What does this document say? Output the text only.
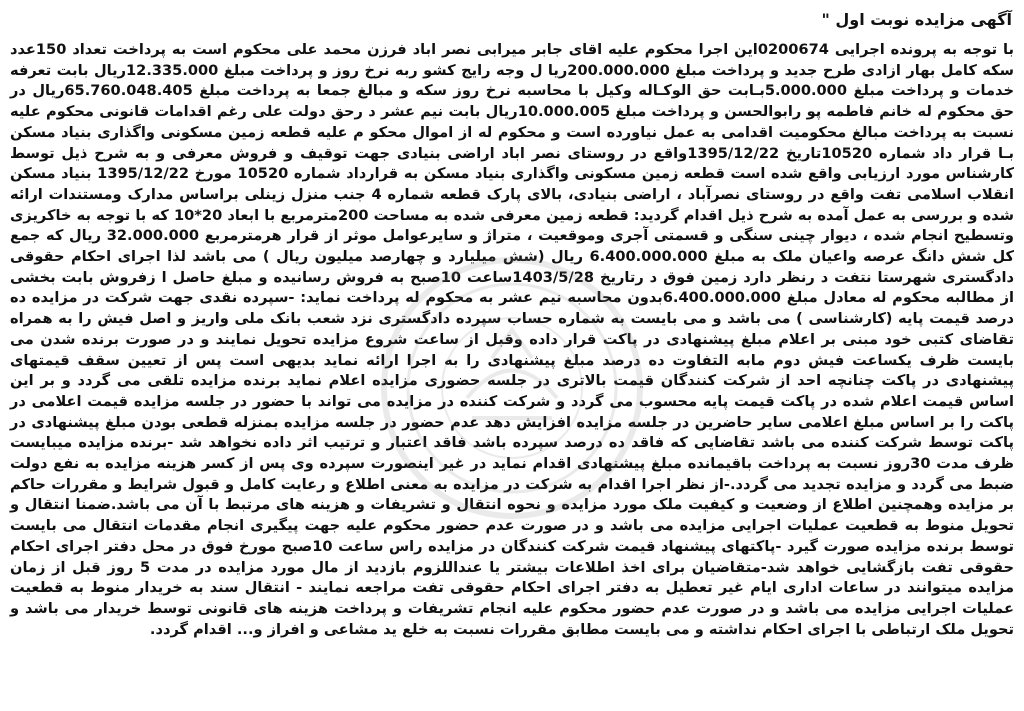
آگهی مزایده نوبت اول "

با توجه به پرونده اجرایی 0200674این اجرا محکوم علیه اقای جابر میرابی نصر اباد فرزن محمد علی محکوم است به پرداخت تعداد 150عدد سکه کامل بهار ازادی طرح جدید و پرداخت مبلغ 200.000.000ریا ل وجه رایج کشو ربه نرخ روز و پرداخت مبلغ 12.335.000ریال بابت تعرفه خدمات و پرداخت مبلغ 5.000.000بـابت حق الوکـاله وکیل با محاسبه نرخ روز سکه و مبالغ جمعا به پرداخت مبلغ 65.760.048.405ریال در حق محکوم له خانم فاطمه پو رابوالحسن و پرداخت مبلغ 10.000.005ریال بابت نیم عشر د رحق دولت علی رغم اقدامات قانونی محکوم علیه نسبت به پرداخت مبالغ محکومیت اقدامی به عمل نیاورده است و محکوم له از اموال محکو م علیه قطعه زمین مسکونی واگذاری بنیاد مسکن بـا قرار داد شماره 10520تاریخ 1395/12/22واقع در روستای نصر اباد اراضی بنیادی جهت توقیف و فروش معرفی و به شرح ذیل توسط کارشناس مورد ارزیابی واقع شده است قطعه زمین مسکونی واگذاری بنیاد مسکن به قرارداد شماره 10520 مورخ 1395/12/22 بنیاد مسکن انقلاب اسلامی تفت واقع در روستای نصرآباد ، اراضی بنیادی، بالای پارک قطعه شماره 4 جنب منزل زینلی براساس مدارک ومستندات ارائه شده و بررسی به عمل آمده به شرح ذیل اقدام گردید: قطعه زمین معرفی شده به مساحت 200مترمربع با ابعاد 20*10 که با توجه به خاکریزی وتسطیح انجام شده ، دیوار چینی سنگی و قسمتی آجری وموقعیت ، متراژ و سایرعوامل موثر از قرار هرمترمربع 32.000.000 ریال که جمع کل شش دانگ عرصه واعیان ملک به مبلغ 6.400.000.000 ریال (شش میلیارد و چهارصد میلیون ریال ) می باشد لذا اجرای احکام حقوقی دادگستری شهرستا نتفت د رنظر دارد زمین فوق د رتاریخ 1403/5/28ساعت 10صبح به فروش رسانیده و مبلغ حاصل ا زفروش بابت بخشی از مطالبه محکوم له معادل مبلغ 6.400.000.000بدون محاسبه نیم عشر به محکوم له پرداخت نماید: -سپرده نقدی جهت شرکت در مزایده ده درصد قیمت پایه (کارشناسی ) می باشد و می بایست به شماره حساب سپرده دادگستری نزد شعب بانک ملی واریز و اصل فیش را به همراه تقاضای کتبی خود مبنی بر اعلام مبلغ پیشنهادی در پاکت قرار داده وقبل از ساعت شروع مزایده تحویل نمایند و در صورت برنده شدن می بایست ظرف یکساعت فیش دوم مابه التفاوت ده درصد مبلغ پیشنهادی را به اجرا ارائه نماید بدیهی است پس از تعیین سقف قیمتهای پیشنهادی در پاکت چنانچه احد از شرکت کنندگان قیمت بالاتری در جلسه حضوری مزایده اعلام نماید برنده مزایده تلقی می گردد و بر این اساس قیمت اعلام شده در پاکت قیمت پایه محسوب می گردد و شرکت کننده در مزایده می تواند با حضور در جلسه مزایده قیمت اعلامی در پاکت را بر اساس مبلغ اعلامی سایر حاضرین در جلسه مزایده افزایش دهد عدم حضور در جلسه مزایده بمنزله قطعی بودن مبلغ پیشنهادی در پاکت توسط شرکت کننده می باشد تقاضایی که فاقد ده درصد سپرده باشد فاقد اعتبار و ترتیب اثر داده نخواهد شد -برنده مزایده میبایست ظرف مدت 30روز نسبت به پرداخت باقیمانده مبلغ پیشنهادی اقدام نماید در غیر اینصورت سپرده وی پس از کسر هزینه مزایده به نفع دولت ضبط می گردد و مزایده تجدید می گردد.-از نظر اجرا اقدام به شرکت در مزایده به معنی اطلاع و رعایت کامل و قبول شرایط و مقررات حاکم بر مزایده وهمچنین اطلاع از وضعیت و کیفیت ملک مورد مزایده و نحوه انتقال و تشریفات و هزینه های مرتبط با آن می باشد.ضمنا انتقال و تحویل منوط به قطعیت عملیات اجرایی مزایده می باشد و در صورت عدم حضور محکوم علیه جهت پیگیری انجام مقدمات انتقال می بایست توسط برنده مزایده صورت گیرد -پاکتهای پیشنهاد قیمت شرکت کنندگان در مزایده راس ساعت 10صبح مورخ فوق در محل دفتر اجرای احکام حقوقی تفت بازگشایی خواهد شد-متقاضیان برای اخذ اطلاعات بیشتر یا عنداللزوم بازدید از مال مورد مزایده در مدت 5 روز قبل از زمان مزایده میتوانند در ساعات اداری ایام غیر تعطیل به دفتر اجرای احکام حقوقی تفت مراجعه نمایند - انتقال سند به خریدار منوط به قطعیت عملیات اجرایی مزایده می باشد و در صورت عدم حضور محکوم علیه انجام تشریفات و پرداخت هزینه های قانونی توسط خریدار می باشد و تحویل ملک ارتباطی با اجرای احکام نداشته و می بایست مطابق مقررات نسبت به خلع ید مشاعی و افراز و... اقدام گردد.
